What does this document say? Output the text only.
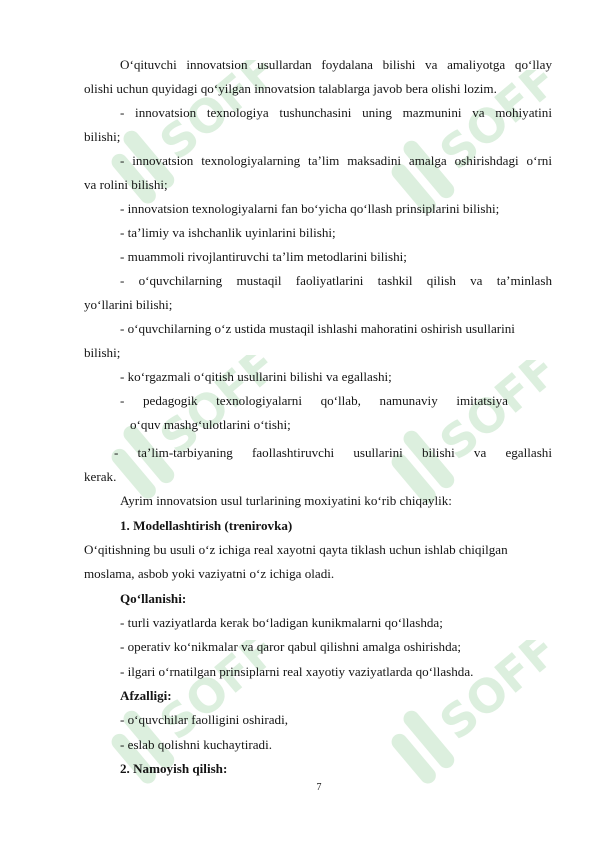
SOFF	SOFF
SOFF	SOFF
SOFF	SOFF
O‘qituvchi innovatsion usullardan foydalana bilishi va amaliyotga qo‘llay
olishi uchun quyidagi qo‘yilgan innovatsion talablarga javob bera olishi lozim.
- innovatsion texnologiya tushunchasini uning mazmunini va mohiyatini
bilishi;
- innovatsion texnologiyalarning ta’lim maksadini amalga oshirishdagi o‘rni
va rolini bilishi;
- innovatsion texnologiyalarni fan bo‘yicha qo‘llash prinsiplarini bilishi;
- ta’limiy va ishchanlik uyinlarini bilishi;
- muammoli rivojlantiruvchi ta’lim metodlarini bilishi;
- o‘quvchilarning mustaqil faoliyatlarini tashkil qilish va ta’minlash
yo‘llarini bilishi;
- o‘quvchilarning o‘z ustida mustaqil ishlashi mahoratini oshirish usullarini
bilishi;
- ko‘rgazmali o‘qitish usullarini bilishi va egallashi;
- pedagogik texnologiyalarni qo‘llab, namunaviy imitatsiya
o‘quv mashg‘ulotlarini o‘tishi;
- ta’lim-tarbiyaning faollashtiruvchi usullarini bilishi va egallashi
kerak.
Ayrim innovatsion usul turlarining moxiyatini ko‘rib chiqaylik:
1. Modellashtirish (trenirovka)
O‘qitishning bu usuli o‘z ichiga real xayotni qayta tiklash uchun ishlab chiqilgan
moslama, asbob yoki vaziyatni o‘z ichiga oladi.
Qo‘llanishi:
- turli vaziyatlarda kerak bo‘ladigan kunikmalarni qo‘llashda;
- operativ ko‘nikmalar va qaror qabul qilishni amalga oshirishda;
- ilgari o‘rnatilgan prinsiplarni real xayotiy vaziyatlarda qo‘llashda.
Afzalligi:
- o‘quvchilar faolligini oshiradi,
- eslab qolishni kuchaytiradi.
2. Namoyish qilish:
7
